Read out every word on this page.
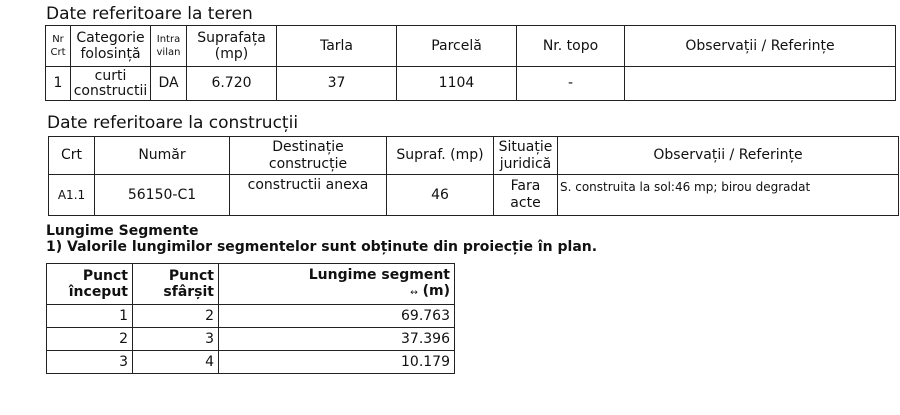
Date referitoare la teren
Nr Crt	Categorie folosință	Intra vilan	Suprafața (mp)	Tarla	Parcelă	Nr. topo	Observații / Referințe
1	curti constructii	DA	6.720	37	1104	-	
Date referitoare la construcții
Crt	Număr	Destinație construcție	Supraf. (mp)	Situație juridică	Observații / Referințe
A1.1	56150-C1	constructii anexa	46	Fara acte	S. construita la sol:46 mp; birou degradat
Lungime Segmente
1) Valorile lungimilor segmentelor sunt obținute din proiecție în plan.
Punct început	Punct sfârșit	Lungime segment
↔ (m)

1	2	69.763
2	3	37.396
3	4	10.179
